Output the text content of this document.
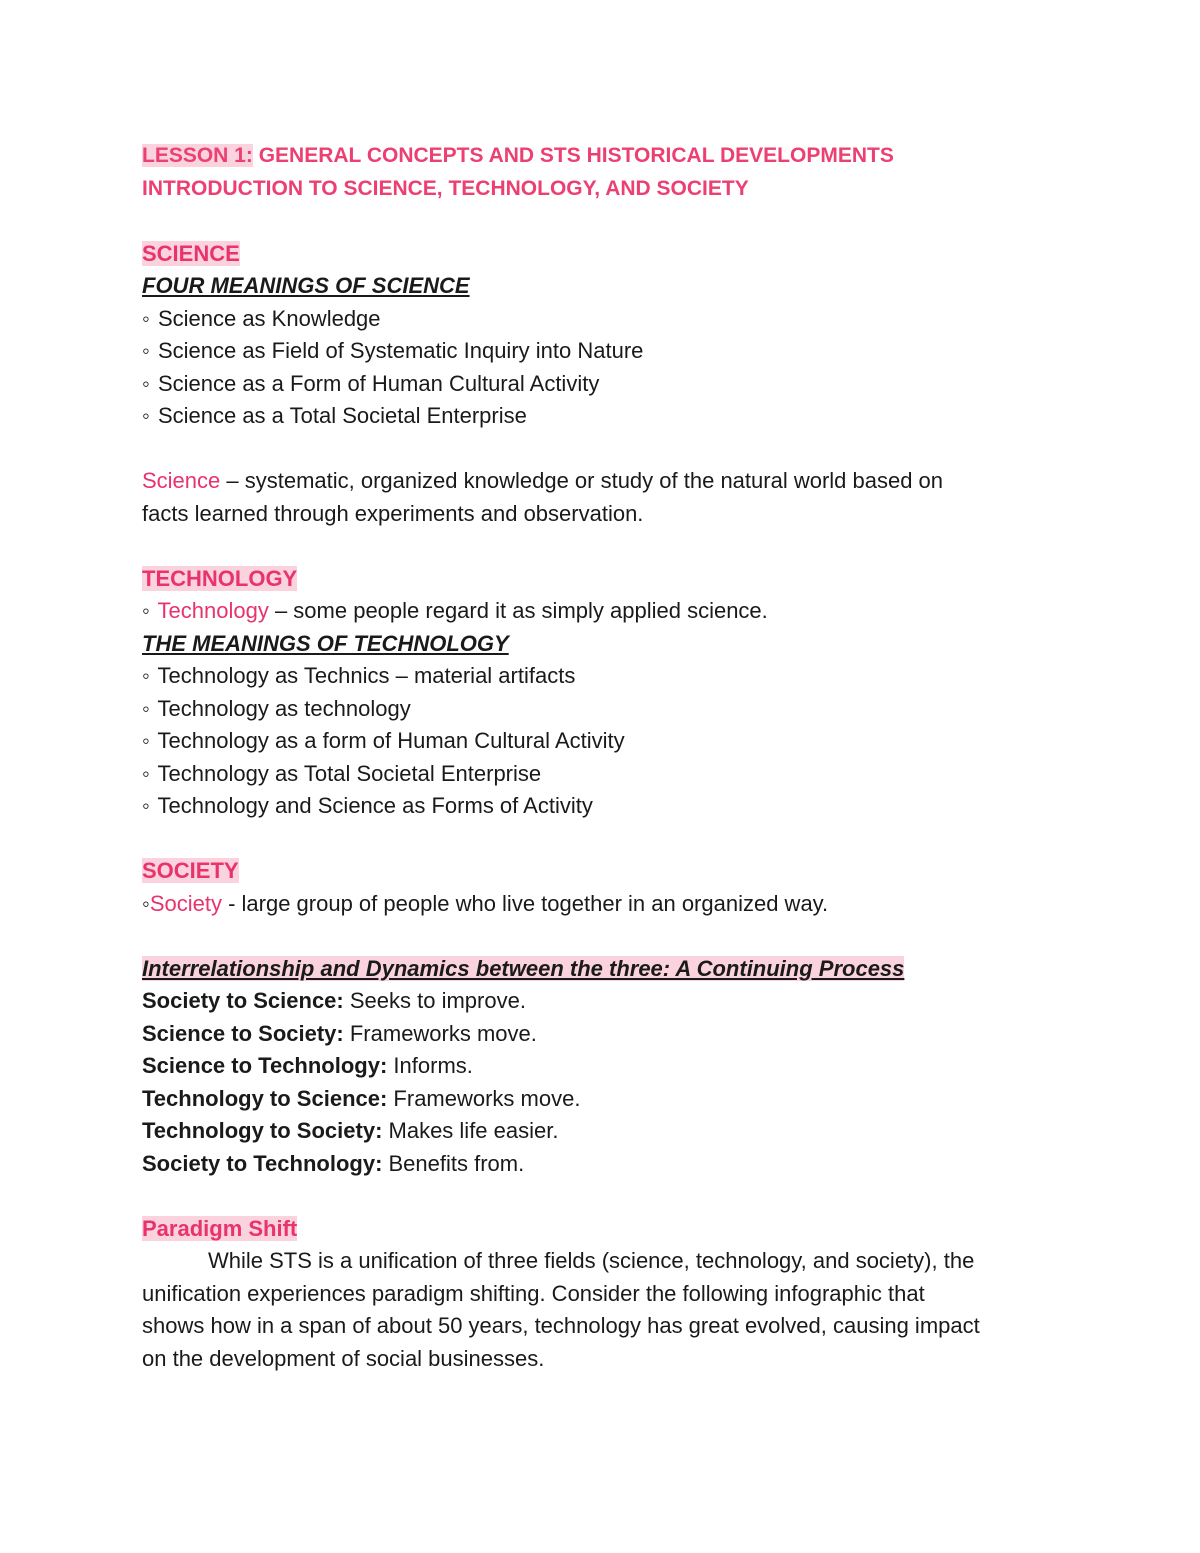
LESSON 1: GENERAL CONCEPTS AND STS HISTORICAL DEVELOPMENTS
INTRODUCTION TO SCIENCE, TECHNOLOGY, AND SOCIETY
SCIENCE
FOUR MEANINGS OF SCIENCE
◦ Science as Knowledge
◦ Science as Field of Systematic Inquiry into Nature
◦ Science as a Form of Human Cultural Activity
◦ Science as a Total Societal Enterprise
Science – systematic, organized knowledge or study of the natural world based on
facts learned through experiments and observation.
TECHNOLOGY
◦ Technology – some people regard it as simply applied science.
THE MEANINGS OF TECHNOLOGY
◦ Technology as Technics – material artifacts
◦ Technology as technology
◦ Technology as a form of Human Cultural Activity
◦ Technology as Total Societal Enterprise
◦ Technology and Science as Forms of Activity
SOCIETY
◦Society - large group of people who live together in an organized way.
Interrelationship and Dynamics between the three: A Continuing Process
Society to Science: Seeks to improve.
Science to Society: Frameworks move.
Science to Technology: Informs.
Technology to Science: Frameworks move.
Technology to Society: Makes life easier.
Society to Technology: Benefits from.
Paradigm Shift
While STS is a unification of three fields (science, technology, and society), the
unification experiences paradigm shifting. Consider the following infographic that
shows how in a span of about 50 years, technology has great evolved, causing impact
on the development of social businesses.
